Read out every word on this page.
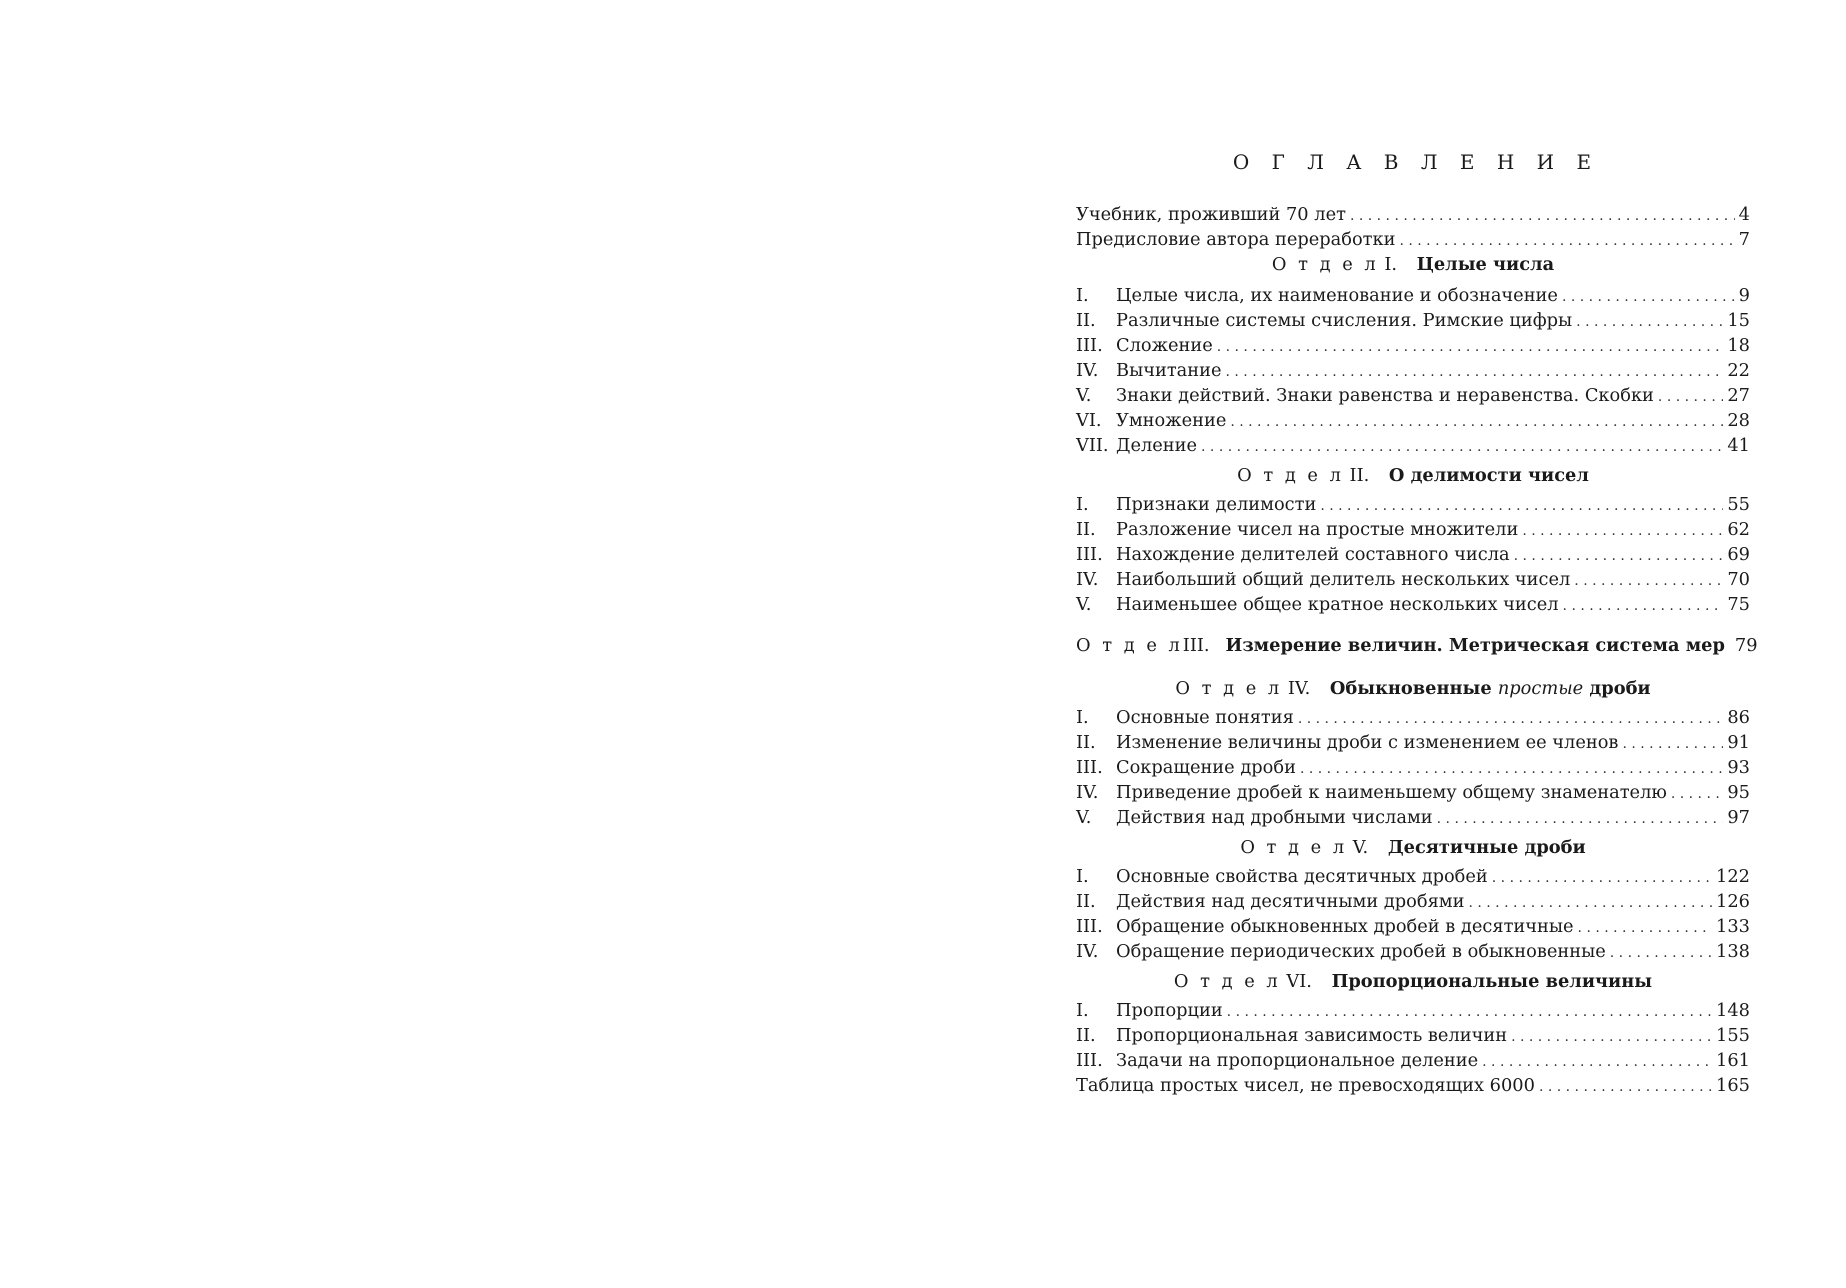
О Г Л А В Л Е Н И Е
Учебник, проживший 70 лет . . .	4
Предисловие автора переработки . . .	7
О т д е л I. Целые числа
I.	Целые числа, их наименование и обозначение . . .	9
II.	Различные системы счисления. Римские цифры . . .	15
III. Сложение . . .	18
IV. Вычитание . . .	22
V.	Знаки действий. Знаки равенства и неравенства. Скобки . . .	27
VI. Умножение . . .	28
VII. Деление . . .	41
О т д е л II. О делимости чисел
I.	Признаки делимости . . .	55
II.	Разложение чисел на простые множители . . .	62
III. Нахождение делителей составного числа . . .	69
IV. Наибольший общий делитель нескольких чисел . . .	70
V.	Наименьшее общее кратное нескольких чисел . . .	75
О т д е л III. Измерение величин. Метрическая система мер 79
О т д е л IV. Обыкновенные простые дроби
I.	Основные понятия . . .	86
II.	Изменение величины дроби с изменением ее членов . . .	91
III. Сокращение дроби . . .	93
IV. Приведение дробей к наименьшему общему знаменателю . . .	95
V.	Действия над дробными числами . . .	97
О т д е л V. Десятичные дроби
I.	Основные свойства десятичных дробей . . .	122
II.	Действия над десятичными дробями . . .	126
III. Обращение обыкновенных дробей в десятичные . . .	133
IV. Обращение периодических дробей в обыкновенные . . .	138
О т д е л VI. Пропорциональные величины
I.	Пропорции . . .	148
II.	Пропорциональная зависимость величин . . .	155
III. Задачи на пропорциональное деление . . .	161
Таблица простых чисел, не превосходящих 6000 . . .	165
